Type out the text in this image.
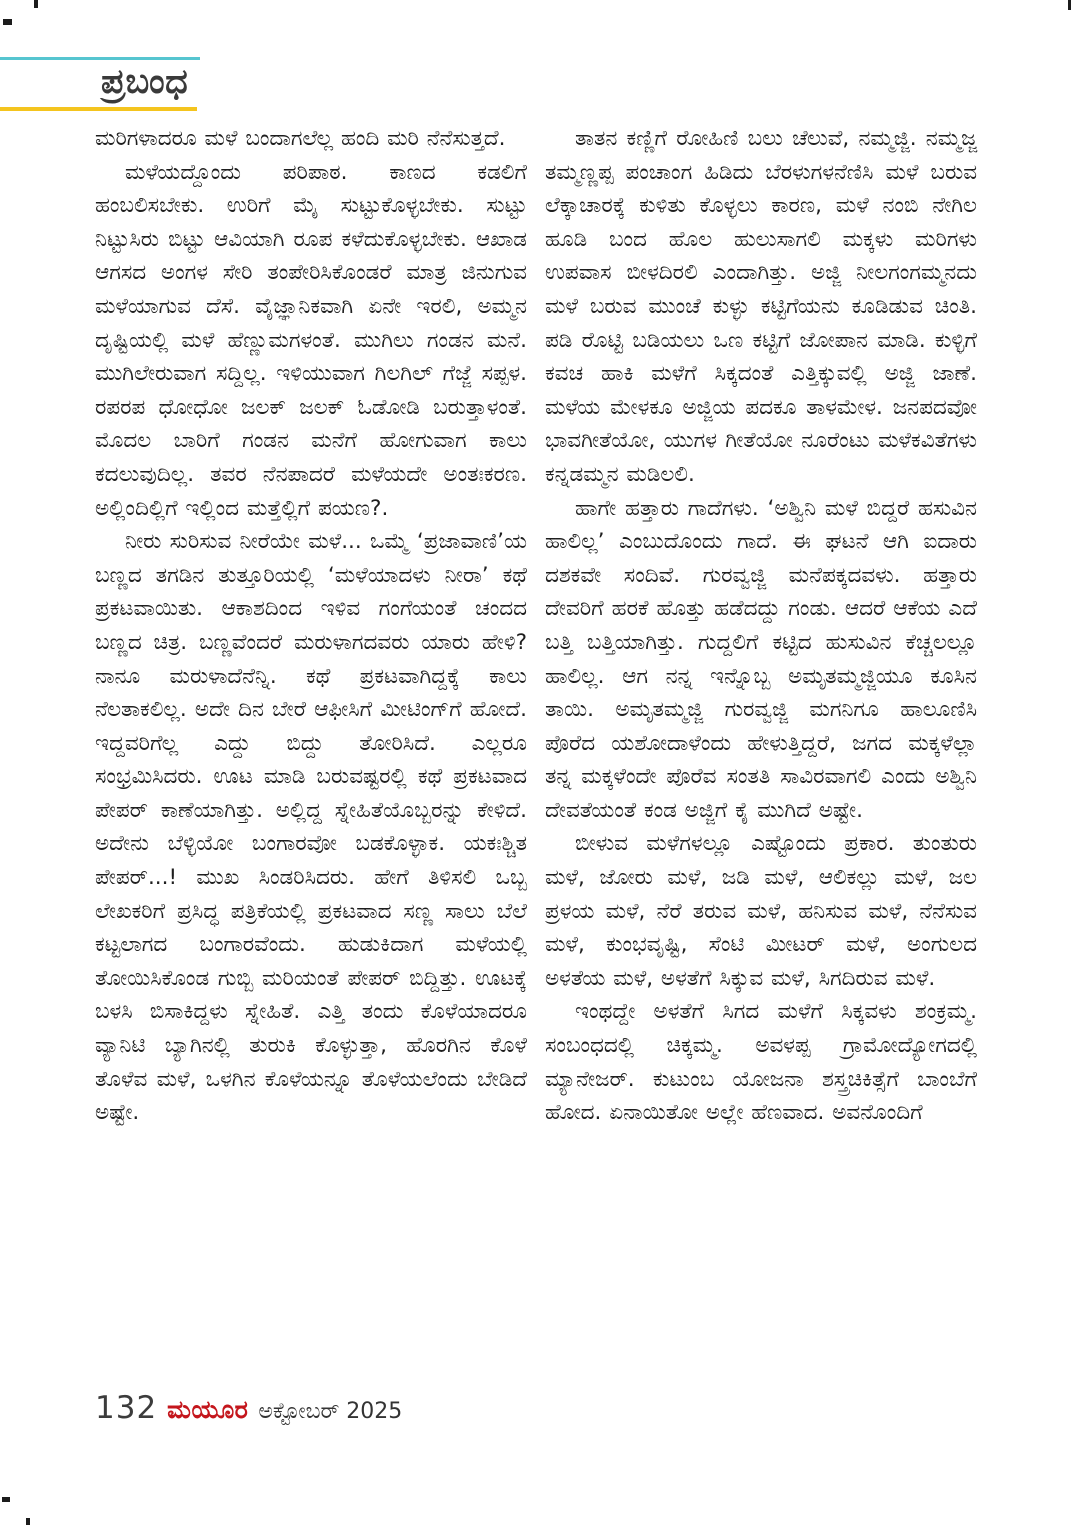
ಪ್ರಬಂಧ

ಮರಿಗಳಾದರೂ ಮಳೆ ಬಂದಾಗಲೆಲ್ಲ ಹಂದಿ ಮರಿ ನೆನೆಸುತ್ತದೆ.

ಮಳೆಯದ್ದೊಂದು ಪರಿಪಾಠ. ಕಾಣದ ಕಡಲಿಗೆ ಹಂಬಲಿಸಬೇಕು. ಉರಿಗೆ ಮೈ ಸುಟ್ಟುಕೊಳ್ಳಬೇಕು. ಸುಟ್ಟು ನಿಟ್ಟುಸಿರು ಬಿಟ್ಟು ಆವಿಯಾಗಿ ರೂಪ ಕಳೆದುಕೊಳ್ಳಬೇಕು. ಆಖಾಡ ಆಗಸದ ಅಂಗಳ ಸೇರಿ ತಂಪೇರಿಸಿಕೊಂಡರೆ ಮಾತ್ರ ಜಿನುಗುವ ಮಳೆಯಾಗುವ ದೆಸೆ. ವೈಜ್ಞಾನಿಕವಾಗಿ ಏನೇ ಇರಲಿ, ಅಮ್ಮನ ದೃಷ್ಟಿಯಲ್ಲಿ ಮಳೆ ಹೆಣ್ಣುಮಗಳಂತೆ. ಮುಗಿಲು ಗಂಡನ ಮನೆ. ಮುಗಿಲೇರುವಾಗ ಸದ್ದಿಲ್ಲ. ಇಳಿಯುವಾಗ ಗಿಲಗಿಲ್ ಗೆಜ್ಜೆ ಸಪ್ಪಳ. ರಪರಪ ಧೋಧೋ ಜಲಕ್ ಜಲಕ್ ಓಡೋಡಿ ಬರುತ್ತಾಳಂತೆ. ಮೊದಲ ಬಾರಿಗೆ ಗಂಡನ ಮನೆಗೆ ಹೋಗುವಾಗ ಕಾಲು ಕದಲುವುದಿಲ್ಲ. ತವರ ನೆನಪಾದರೆ ಮಳೆಯದೇ ಅಂತಃಕರಣ. ಅಲ್ಲಿಂದಿಲ್ಲಿಗೆ ಇಲ್ಲಿಂದ ಮತ್ತೆಲ್ಲಿಗೆ ಪಯಣ?.

ನೀರು ಸುರಿಸುವ ನೀರೆಯೇ ಮಳೆ... ಒಮ್ಮೆ ‘ಪ್ರಜಾವಾಣಿ’ಯ ಬಣ್ಣದ ತಗಡಿನ ತುತ್ತೂರಿಯಲ್ಲಿ ‘ಮಳೆಯಾದಳು ನೀರಾ’ ಕಥೆ ಪ್ರಕಟವಾಯಿತು. ಆಕಾಶದಿಂದ ಇಳಿವ ಗಂಗೆಯಂತೆ ಚಂದದ ಬಣ್ಣದ ಚಿತ್ರ. ಬಣ್ಣವೆಂದರೆ ಮರುಳಾಗದವರು ಯಾರು ಹೇಳಿ? ನಾನೂ ಮರುಳಾದೆನೆನ್ನಿ. ಕಥೆ ಪ್ರಕಟವಾಗಿದ್ದಕ್ಕೆ ಕಾಲು ನೆಲತಾಕಲಿಲ್ಲ. ಅದೇ ದಿನ ಬೇರೆ ಆಫೀಸಿಗೆ ಮೀಟಿಂಗ್‌ಗೆ ಹೋದೆ. ಇದ್ದವರಿಗೆಲ್ಲ ಎದ್ದು ಬಿದ್ದು ತೋರಿಸಿದೆ. ಎಲ್ಲರೂ ಸಂಭ್ರಮಿಸಿದರು. ಊಟ ಮಾಡಿ ಬರುವಷ್ಟರಲ್ಲಿ ಕಥೆ ಪ್ರಕಟವಾದ ಪೇಪರ್ ಕಾಣೆಯಾಗಿತ್ತು. ಅಲ್ಲಿದ್ದ ಸ್ನೇಹಿತೆಯೊಬ್ಬರನ್ನು ಕೇಳಿದೆ. ಅದೇನು ಬೆಳ್ಳಿಯೋ ಬಂಗಾರವೋ ಬಡಕೊಳ್ಳಾಕ. ಯಕಃಶ್ಚಿತ ಪೇಪರ್...! ಮುಖ ಸಿಂಡರಿಸಿದರು. ಹೇಗೆ ತಿಳಿಸಲಿ ಒಬ್ಬ ಲೇಖಕರಿಗೆ ಪ್ರಸಿದ್ಧ ಪತ್ರಿಕೆಯಲ್ಲಿ ಪ್ರಕಟವಾದ ಸಣ್ಣ ಸಾಲು ಬೆಲೆ ಕಟ್ಟಲಾಗದ ಬಂಗಾರವೆಂದು. ಹುಡುಕಿದಾಗ ಮಳೆಯಲ್ಲಿ ತೋಯಿಸಿಕೊಂಡ ಗುಬ್ಬಿ ಮರಿಯಂತೆ ಪೇಪರ್ ಬಿದ್ದಿತ್ತು. ಊಟಕ್ಕೆ ಬಳಸಿ ಬಿಸಾಕಿದ್ದಳು ಸ್ನೇಹಿತೆ. ಎತ್ತಿ ತಂದು ಕೊಳೆಯಾದರೂ ವ್ಯಾನಿಟಿ ಬ್ಯಾಗಿನಲ್ಲಿ ತುರುಕಿ ಕೊಳ್ಳುತ್ತಾ, ಹೊರಗಿನ ಕೊಳೆ ತೊಳೆವ ಮಳೆ, ಒಳಗಿನ ಕೊಳೆಯನ್ನೂ ತೊಳೆಯಲೆಂದು ಬೇಡಿದೆ ಅಷ್ಟೇ.

ತಾತನ ಕಣ್ಣಿಗೆ ರೋಹಿಣಿ ಬಲು ಚೆಲುವೆ, ನಮ್ಮಜ್ಜಿ. ನಮ್ಮಜ್ಜ ತಮ್ಮಣ್ಣಪ್ಪ ಪಂಚಾಂಗ ಹಿಡಿದು ಬೆರಳುಗಳನೆಣಿಸಿ ಮಳೆ ಬರುವ ಲೆಕ್ಕಾಚಾರಕ್ಕೆ ಕುಳಿತು ಕೊಳ್ಳಲು ಕಾರಣ, ಮಳೆ ನಂಬಿ ನೇಗಿಲ ಹೂಡಿ ಬಂದ ಹೊಲ ಹುಲುಸಾಗಲಿ ಮಕ್ಕಳು ಮರಿಗಳು ಉಪವಾಸ ಬೀಳದಿರಲಿ ಎಂದಾಗಿತ್ತು. ಅಜ್ಜಿ ನೀಲಗಂಗಮ್ಮನದು ಮಳೆ ಬರುವ ಮುಂಚೆ ಕುಳ್ಳು ಕಟ್ಟಿಗೆಯನು ಕೂಡಿಡುವ ಚಿಂತಿ. ಪಡಿ ರೊಟ್ಟಿ ಬಡಿಯಲು ಒಣ ಕಟ್ಟಿಗೆ ಜೋಪಾನ ಮಾಡಿ. ಕುಳ್ಳಿಗೆ ಕವಚ ಹಾಕಿ ಮಳೆಗೆ ಸಿಕ್ಕದಂತೆ ಎತ್ತಿಕ್ಕುವಲ್ಲಿ ಅಜ್ಜಿ ಜಾಣೆ. ಮಳೆಯ ಮೇಳಕೂ ಅಜ್ಜಿಯ ಪದಕೂ ತಾಳಮೇಳ. ಜನಪದವೋ ಭಾವಗೀತೆಯೋ, ಯುಗಳ ಗೀತೆಯೋ ನೂರೆಂಟು ಮಳೆಕವಿತೆಗಳು ಕನ್ನಡಮ್ಮನ ಮಡಿಲಲಿ.

ಹಾಗೇ ಹತ್ತಾರು ಗಾದೆಗಳು. ‘ಅಶ್ವಿನಿ ಮಳೆ ಬಿದ್ದರೆ ಹಸುವಿನ ಹಾಲಿಲ್ಲ’ ಎಂಬುದೊಂದು ಗಾದೆ. ಈ ಘಟನೆ ಆಗಿ ಐದಾರು ದಶಕವೇ ಸಂದಿವೆ. ಗುರವ್ವಜ್ಜಿ ಮನೆಪಕ್ಕದವಳು. ಹತ್ತಾರು ದೇವರಿಗೆ ಹರಕೆ ಹೊತ್ತು ಹಡೆದದ್ದು ಗಂಡು. ಆದರೆ ಆಕೆಯ ಎದೆ ಬತ್ತಿ ಬತ್ತಿಯಾಗಿತ್ತು. ಗುದ್ದಲಿಗೆ ಕಟ್ಟಿದ ಹುಸುವಿನ ಕೆಚ್ಚಲಲ್ಲೂ ಹಾಲಿಲ್ಲ. ಆಗ ನನ್ನ ಇನ್ನೊಬ್ಬ ಅಮೃತಮ್ಮಜ್ಜಿಯೂ ಕೂಸಿನ ತಾಯಿ. ಅಮೃತಮ್ಮಜ್ಜಿ ಗುರವ್ವಜ್ಜಿ ಮಗನಿಗೂ ಹಾಲೂಣಿಸಿ ಪೊರೆದ ಯಶೋದಾಳೆಂದು ಹೇಳುತ್ತಿದ್ದರೆ, ಜಗದ ಮಕ್ಕಳೆಲ್ಲಾ ತನ್ನ ಮಕ್ಕಳೆಂದೇ ಪೊರೆವ ಸಂತತಿ ಸಾವಿರವಾಗಲಿ ಎಂದು ಅಶ್ವಿನಿ ದೇವತೆಯಂತೆ ಕಂಡ ಅಜ್ಜಿಗೆ ಕೈ ಮುಗಿದೆ ಅಷ್ಟೇ.

ಬೀಳುವ ಮಳೆಗಳಲ್ಲೂ ಎಷ್ಟೊಂದು ಪ್ರಕಾರ. ತುಂತುರು ಮಳೆ, ಜೋರು ಮಳೆ, ಜಡಿ ಮಳೆ, ಆಲಿಕಲ್ಲು ಮಳೆ, ಜಲ ಪ್ರಳಯ ಮಳೆ, ನೆರೆ ತರುವ ಮಳೆ, ಹನಿಸುವ ಮಳೆ, ನೆನೆಸುವ ಮಳೆ, ಕುಂಭವೃಷ್ಟಿ, ಸೆಂಟಿ ಮೀಟರ್ ಮಳೆ, ಅಂಗುಲದ ಅಳತೆಯ ಮಳೆ, ಅಳತೆಗೆ ಸಿಕ್ಕುವ ಮಳೆ, ಸಿಗದಿರುವ ಮಳೆ.

ಇಂಥದ್ದೇ ಅಳತೆಗೆ ಸಿಗದ ಮಳೆಗೆ ಸಿಕ್ಕವಳು ಶಂಕ್ರಮ್ಮ. ಸಂಬಂಧದಲ್ಲಿ ಚಿಕ್ಕಮ್ಮ. ಅವಳಪ್ಪ ಗ್ರಾಮೋದ್ಯೋಗದಲ್ಲಿ ಮ್ಯಾನೇಜರ್. ಕುಟುಂಬ ಯೋಜನಾ ಶಸ್ತ್ರಚಿಕಿತ್ಸೆಗೆ ಬಾಂಬೆಗೆ ಹೋದ. ಏನಾಯಿತೋ ಅಲ್ಲೇ ಹೆಣವಾದ. ಅವನೊಂದಿಗೆ

132 ಮಯೂರ ಅಕ್ಟೋಬರ್ 2025
